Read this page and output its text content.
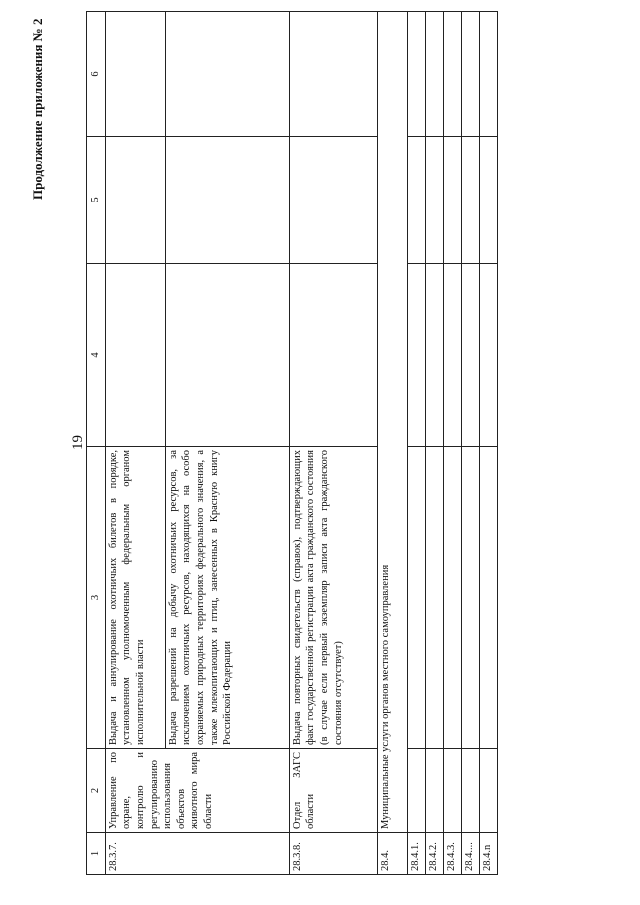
Продолжение приложения № 2
19
1	2	3	4	5	6
28.3.7.	Управление по охране, контролю и регулированию использования объектов животного мира области	Выдача и аннулирование охотничьих билетов в порядке, установленном уполномоченным федеральным органом исполнительной власти			
		Выдача разрешений на добычу охотничьих ресурсов, за исключением охотничьих ресурсов, находящихся на особо охраняемых природных территориях федерального значения, а также млекопитающих и птиц, занесенных в Красную книгу Российской Федерации			
28.3.8.	Отдел ЗАГС области	Выдача повторных свидетельств (справок), подтверждающих факт государственной регистрации акта гражданского состояния (в случае если первый экземпляр записи акта гражданского состояния отсутствует)			
28.4.	Муниципальные услуги органов местного самоуправления				
28.4.1.					
28.4.2.					
28.4.3.					
28.4....					
28.4.n					
